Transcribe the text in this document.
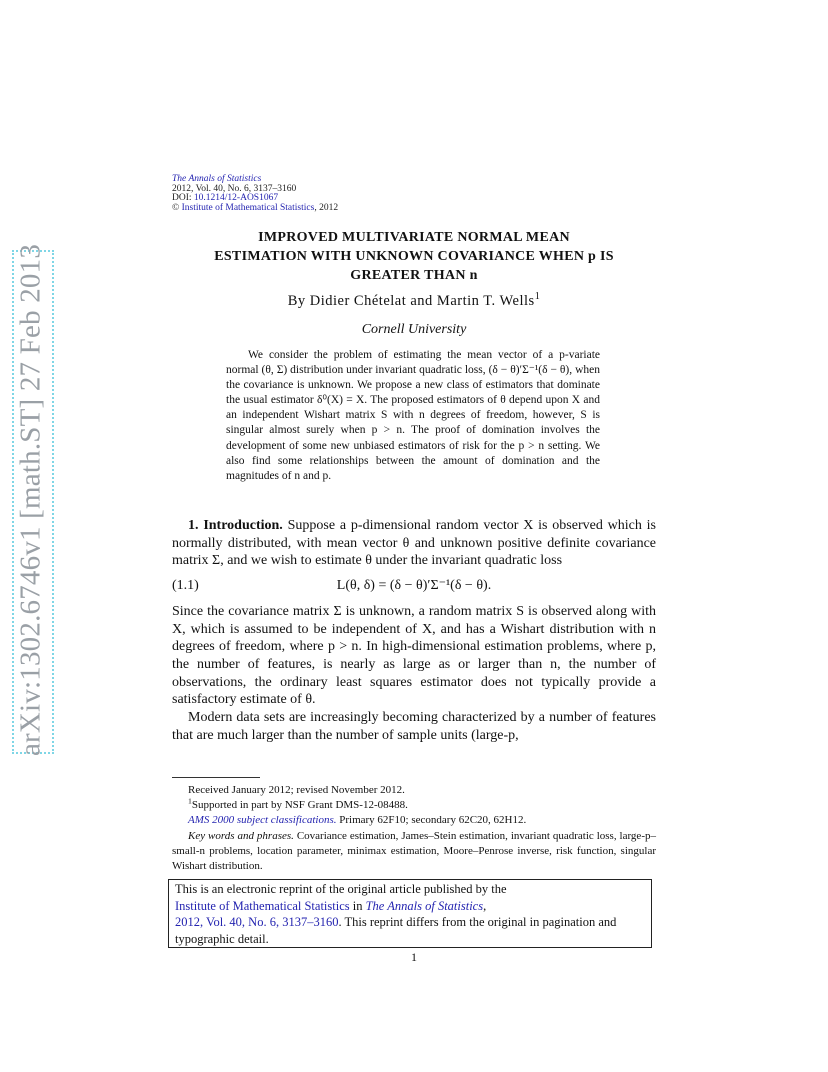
arXiv:1302.6746v1 [math.ST] 27 Feb 2013
The Annals of Statistics
2012, Vol. 40, No. 6, 3137–3160
DOI: 10.1214/12-AOS1067
© Institute of Mathematical Statistics, 2012
IMPROVED MULTIVARIATE NORMAL MEAN
ESTIMATION WITH UNKNOWN COVARIANCE WHEN p IS
GREATER THAN n
By Didier Chételat and Martin T. Wells$^1$
Cornell University
We consider the problem of estimating the mean vector of a p-variate normal (θ, Σ) distribution under invariant quadratic loss, (δ − θ)′Σ⁻¹(δ − θ), when the covariance is unknown. We propose a new class of estimators that dominate the usual estimator δ⁰(X) = X. The proposed estimators of θ depend upon X and an independent Wishart matrix S with n degrees of freedom, however, S is singular almost surely when p > n. The proof of domination involves the development of some new unbiased estimators of risk for the p > n setting. We also find some relationships between the amount of domination and the magnitudes of n and p.

1. Introduction. Suppose a p-dimensional random vector X is observed which is normally distributed, with mean vector θ and unknown positive definite covariance matrix Σ, and we wish to estimate θ under the invariant quadratic loss

(1.1)	L(θ, δ) = (δ − θ)′Σ⁻¹(δ − θ).

Since the covariance matrix Σ is unknown, a random matrix S is observed along with X, which is assumed to be independent of X, and has a Wishart distribution with n degrees of freedom, where p > n. In high-dimensional estimation problems, where p, the number of features, is nearly as large as or larger than n, the number of observations, the ordinary least squares estimator does not typically provide a satisfactory estimate of θ.

Modern data sets are increasingly becoming characterized by a number of features that are much larger than the number of sample units (large-p,

Received January 2012; revised November 2012.

$^1$Supported in part by NSF Grant DMS-12-08488.

AMS 2000 subject classifications. Primary 62F10; secondary 62C20, 62H12.

Key words and phrases. Covariance estimation, James–Stein estimation, invariant quadratic loss, large-p–small-n problems, location parameter, minimax estimation, Moore–Penrose inverse, risk function, singular Wishart distribution.

This is an electronic reprint of the original article published by the
Institute of Mathematical Statistics in The Annals of Statistics,
2012, Vol. 40, No. 6, 3137–3160. This reprint differs from the original in pagination and typographic detail.
1
